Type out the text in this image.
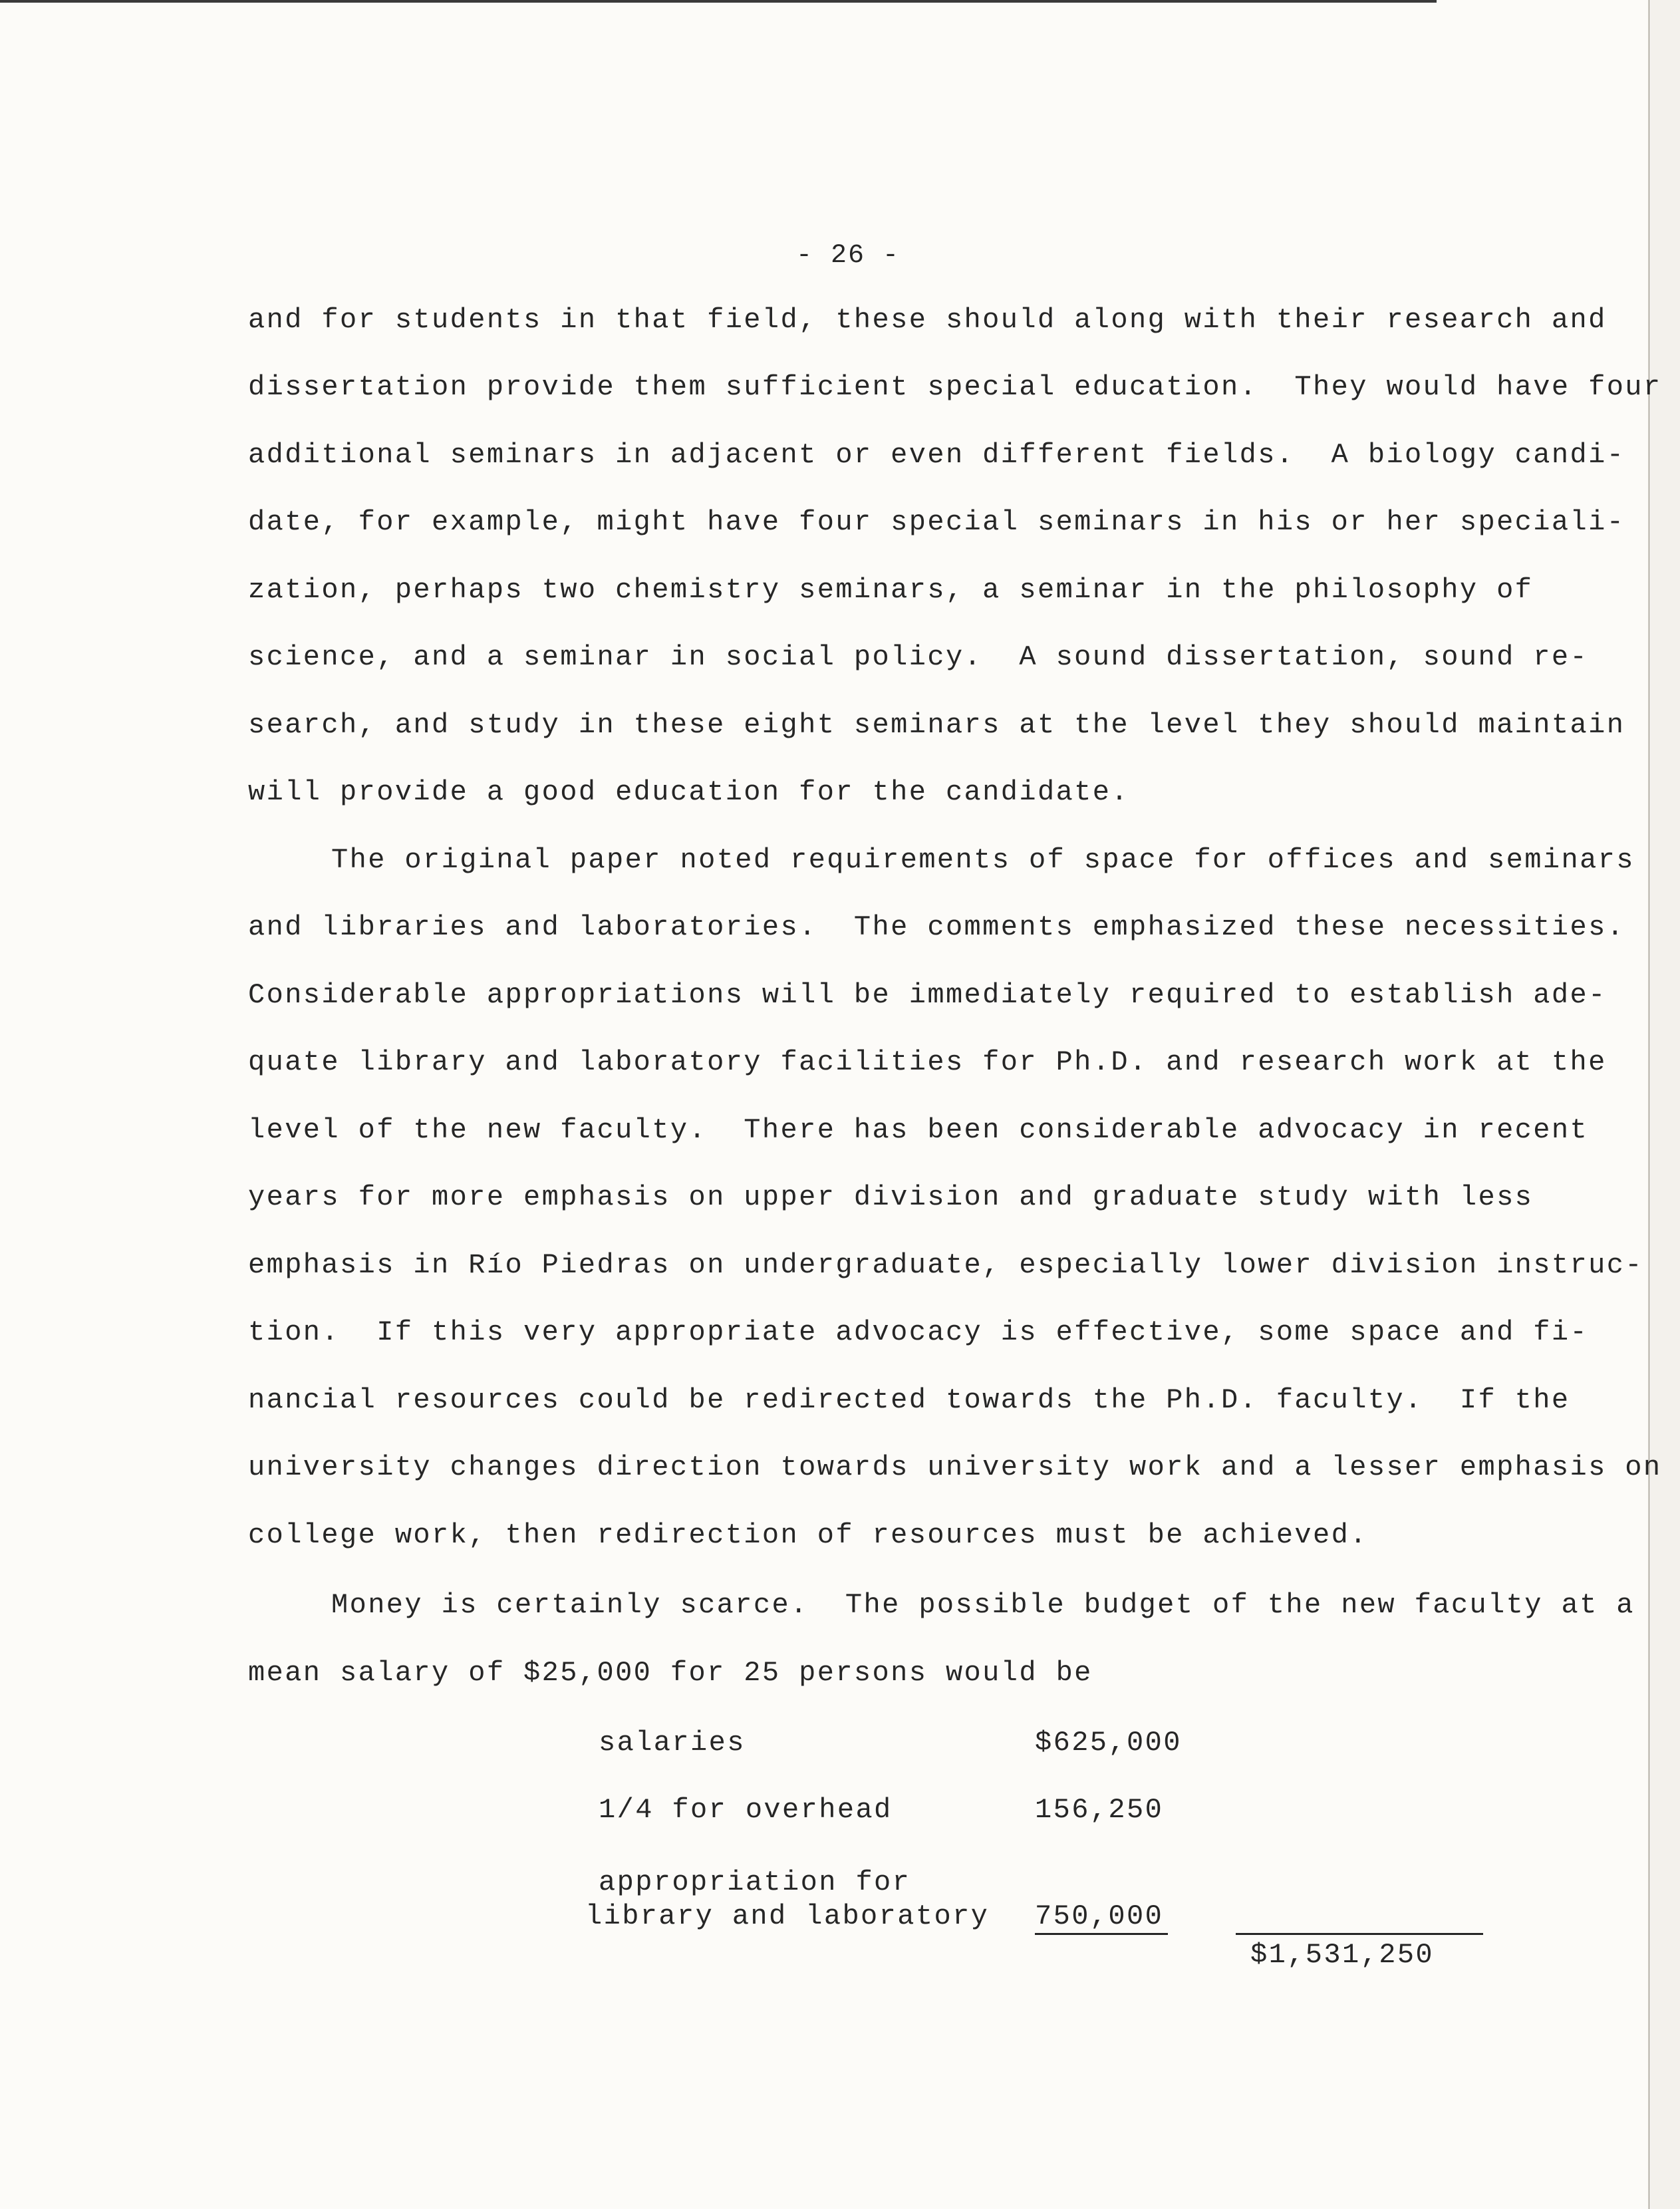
- 26 -
and for students in that field, these should along with their research and
dissertation provide them sufficient special education.  They would have four
additional seminars in adjacent or even different fields.  A biology candi-
date, for example, might have four special seminars in his or her speciali-
zation, perhaps two chemistry seminars, a seminar in the philosophy of
science, and a seminar in social policy.  A sound dissertation, sound re-
search, and study in these eight seminars at the level they should maintain
will provide a good education for the candidate.
The original paper noted requirements of space for offices and seminars
and libraries and laboratories.  The comments emphasized these necessities.
Considerable appropriations will be immediately required to establish ade-
quate library and laboratory facilities for Ph.D. and research work at the
level of the new faculty.  There has been considerable advocacy in recent
years for more emphasis on upper division and graduate study with less
emphasis in Río Piedras on undergraduate, especially lower division instruc-
tion.  If this very appropriate advocacy is effective, some space and fi-
nancial resources could be redirected towards the Ph.D. faculty.  If the
university changes direction towards university work and a lesser emphasis on
college work, then redirection of resources must be achieved.
Money is certainly scarce.  The possible budget of the new faculty at a
mean salary of $25,000 for 25 persons would be
salaries	$625,000
1/4 for overhead	156,250
appropriation for
library and laboratory 750,000
$1,531,250
